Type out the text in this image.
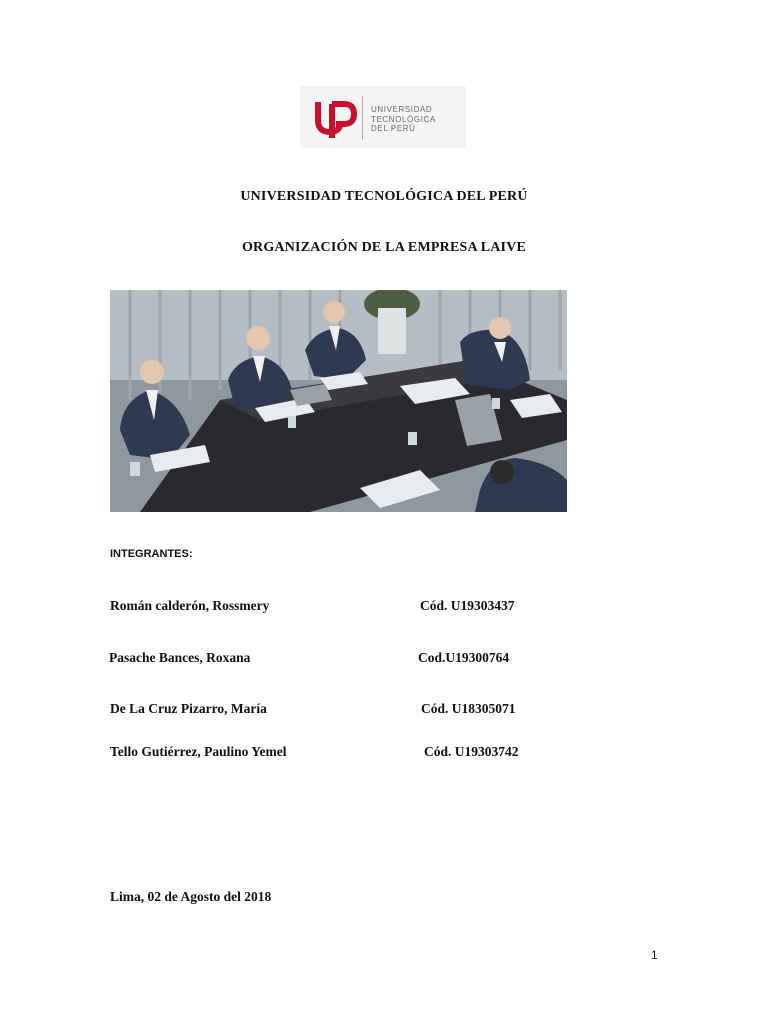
UNIVERSIDAD
TECNOLÓGICA
DEL PERÚ
UNIVERSIDAD TECNOLÓGICA DEL PERÚ
ORGANIZACIÓN DE LA EMPRESA LAIVE
INTEGRANTES:
Román calderón, Rossmery	Cód. U19303437
Pasache Bances, Roxana	Cod.U19300764
De La Cruz Pizarro, María	Cód. U18305071
Tello Gutiérrez, Paulino Yemel	Cód. U19303742
Lima, 02 de Agosto del 2018
1
